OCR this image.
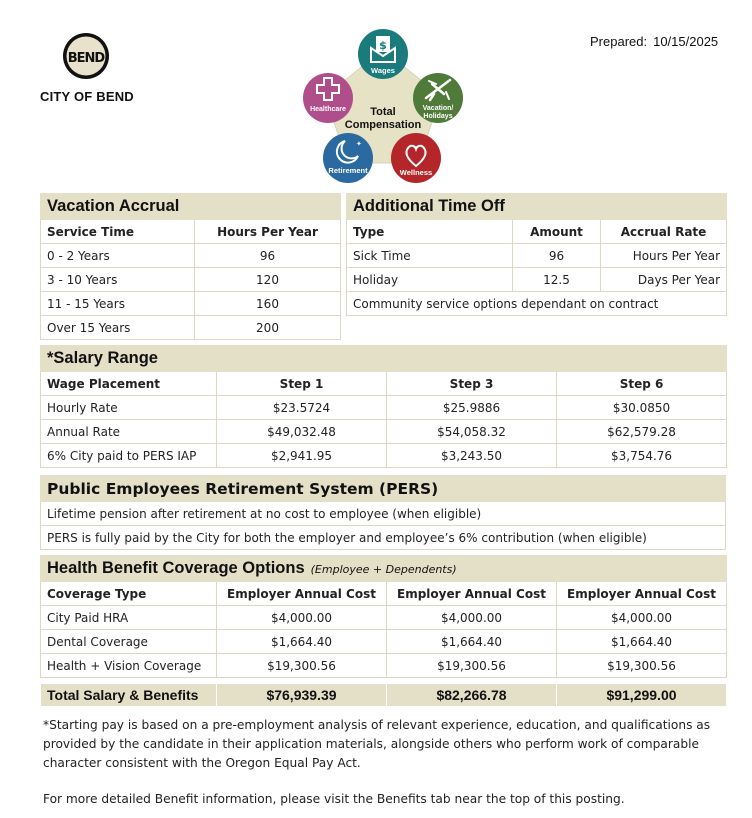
BEND
CITY OF BEND
Prepared: 10/15/2025
Total
Compensation
$
Wages
Vacation/
Holidays
Wellness
✦
Retirement
Healthcare
Vacation Accrual	
Service Time	Hours Per Year
0 - 2 Years	96
3 - 10 Years	120
11 - 15 Years	160
Over 15 Years	200
Additional Time Off		
Type	Amount	Accrual Rate
Sick Time	96	Hours Per Year
Holiday	12.5	Days Per Year
Community service options dependant on contract		
*Salary Range			
Wage Placement	Step 1	Step 3	Step 6
Hourly Rate	$23.5724	$25.9886	$30.0850
Annual Rate	$49,032.48	$54,058.32	$62,579.28
6% City paid to PERS IAP	$2,941.95	$3,243.50	$3,754.76
Public Employees Retirement System (PERS)
Lifetime pension after retirement at no cost to employee (when eligible)
PERS is fully paid by the City for both the employer and employee’s 6% contribution (when eligible)
Health Benefit Coverage Options (Employee + Dependents)			
Coverage Type	Employer Annual Cost	Employer Annual Cost	Employer Annual Cost
City Paid HRA	$4,000.00	$4,000.00	$4,000.00
Dental Coverage	$1,664.40	$1,664.40	$1,664.40
Health + Vision Coverage	$19,300.56	$19,300.56	$19,300.56
Total Salary & Benefits	$76,939.39	$82,266.78	$91,299.00
*Starting pay is based on a pre-employment analysis of relevant experience, education, and qualifications as provided by the candidate in their application materials, alongside others who perform work of comparable character consistent with the Oregon Equal Pay Act.
For more detailed Benefit information, please visit the Benefits tab near the top of this posting.
